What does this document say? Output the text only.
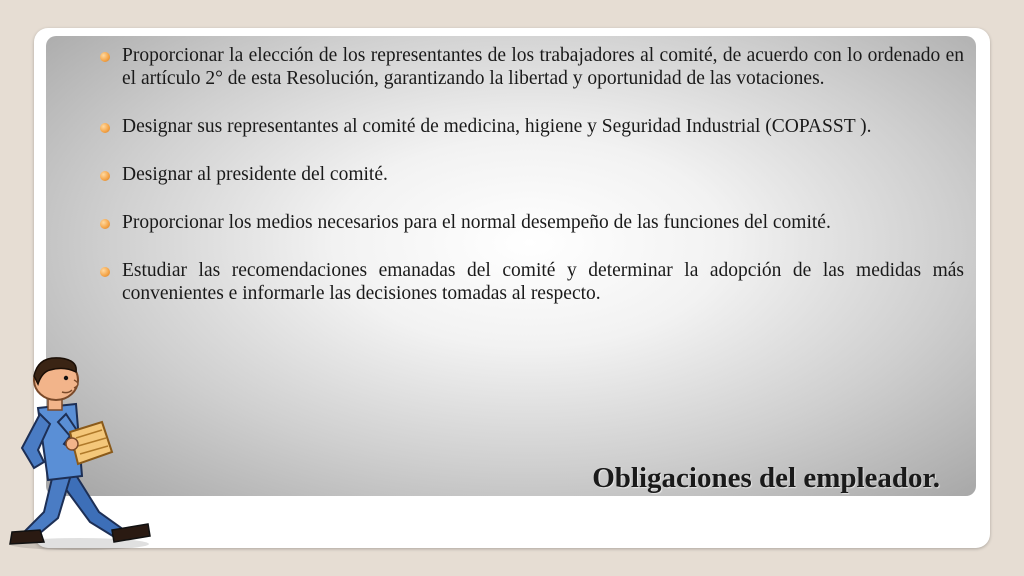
Proporcionar la elección de los representantes de los trabajadores al comité, de acuerdo con lo ordenado en el artículo 2° de esta Resolución, garantizando la libertad y oportunidad de las votaciones.
Designar sus representantes al comité de medicina, higiene y Seguridad Industrial (COPASST ).
Designar al presidente del comité.
Proporcionar los medios necesarios para el normal desempeño de las funciones del comité.
Estudiar las recomendaciones emanadas del comité y determinar la adopción de las medidas más convenientes e informarle las decisiones tomadas al respecto.
Obligaciones del empleador.
